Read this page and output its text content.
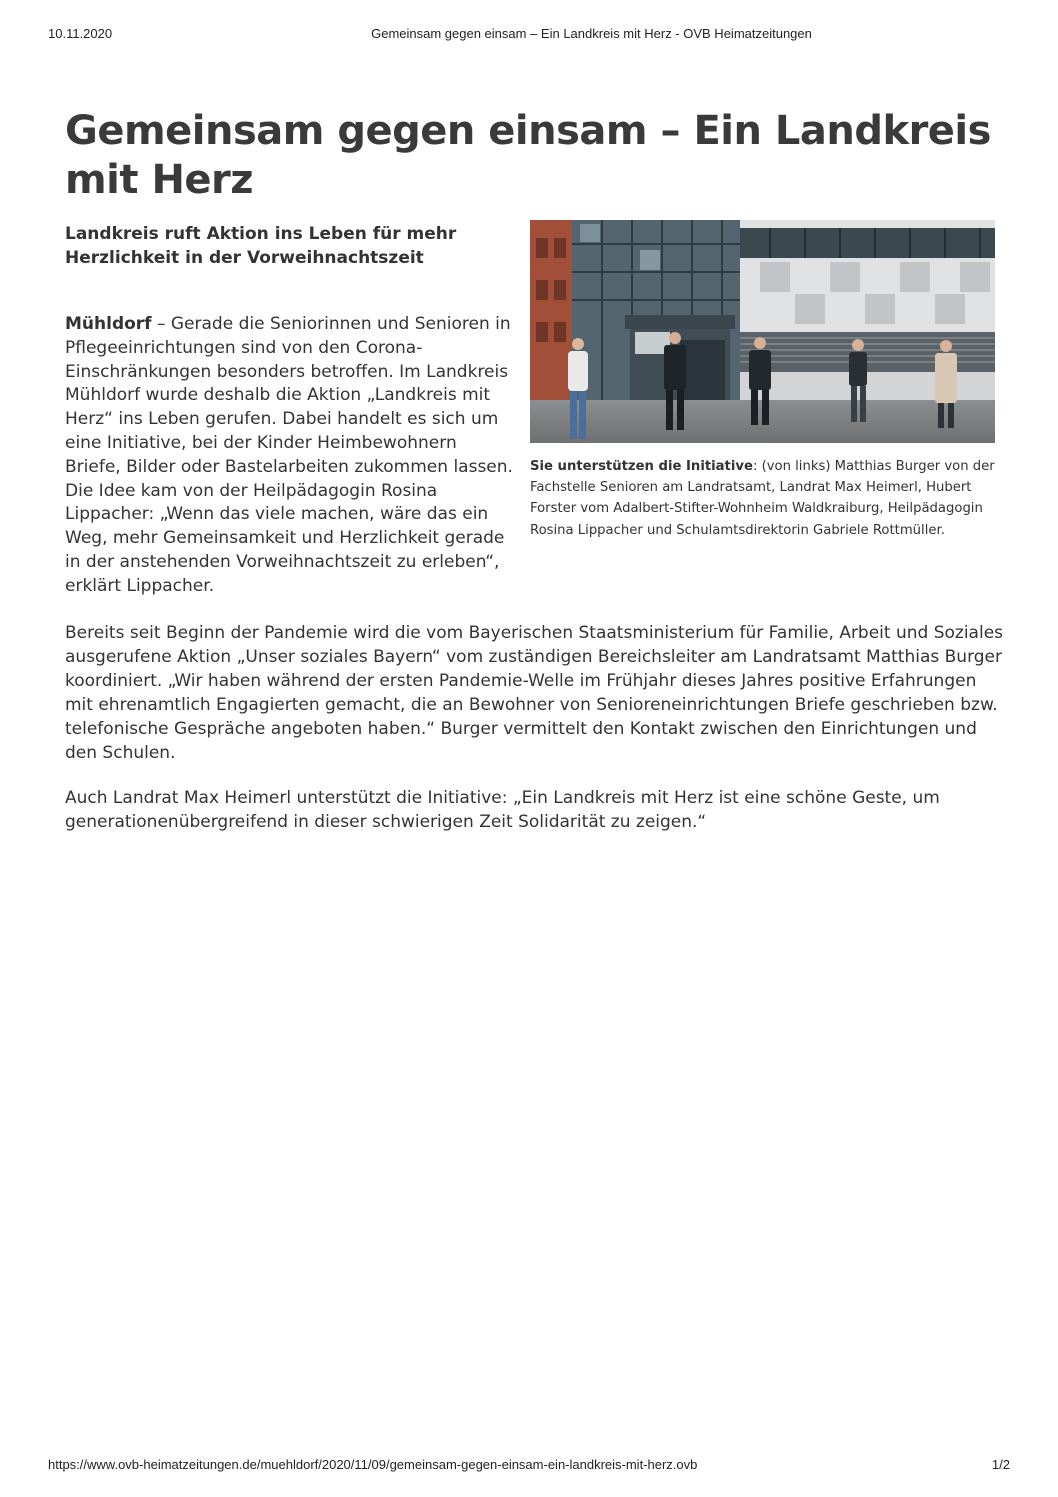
10.11.2020	Gemeinsam gegen einsam – Ein Landkreis mit Herz - OVB Heimatzeitungen
Gemeinsam gegen einsam – Ein Landkreis mit Herz
Landkreis ruft Aktion ins Leben für mehr Herzlichkeit in der Vorweihnachtszeit

Mühldorf – Gerade die Seniorinnen und Senioren in Pflegeeinrichtungen sind von den Corona-Einschränkungen besonders betroffen. Im Landkreis Mühldorf wurde deshalb die Aktion „Landkreis mit Herz“ ins Leben gerufen. Dabei handelt es sich um eine Initiative, bei der Kinder Heimbewohnern Briefe, Bilder oder Bastelarbeiten zukommen lassen. Die Idee kam von der Heilpädagogin Rosina Lippacher: „Wenn das viele machen, wäre das ein Weg, mehr Gemeinsamkeit und Herzlichkeit gerade in der anstehenden Vorweihnachtszeit zu erleben“, erklärt Lippacher.

Sie unterstützen die Initiative: (von links) Matthias Burger von der Fachstelle Senioren am Landratsamt, Landrat Max Heimerl, Hubert Forster vom Adalbert-Stifter-Wohnheim Waldkraiburg, Heilpädagogin Rosina Lippacher und Schulamtsdirektorin Gabriele Rottmüller.

Bereits seit Beginn der Pandemie wird die vom Bayerischen Staatsministerium für Familie, Arbeit und Soziales ausgerufene Aktion „Unser soziales Bayern“ vom zuständigen Bereichsleiter am Landratsamt Matthias Burger koordiniert. „Wir haben während der ersten Pandemie-Welle im Frühjahr dieses Jahres positive Erfahrungen mit ehrenamtlich Engagierten gemacht, die an Bewohner von Senioreneinrichtungen Briefe geschrieben bzw. telefonische Gespräche angeboten haben.“ Burger vermittelt den Kontakt zwischen den Einrichtungen und den Schulen.

Auch Landrat Max Heimerl unterstützt die Initiative: „Ein Landkreis mit Herz ist eine schöne Geste, um generationenübergreifend in dieser schwierigen Zeit Solidarität zu zeigen.“

https://www.ovb-heimatzeitungen.de/muehldorf/2020/11/09/gemeinsam-gegen-einsam-ein-landkreis-mit-herz.ovb	1/2
